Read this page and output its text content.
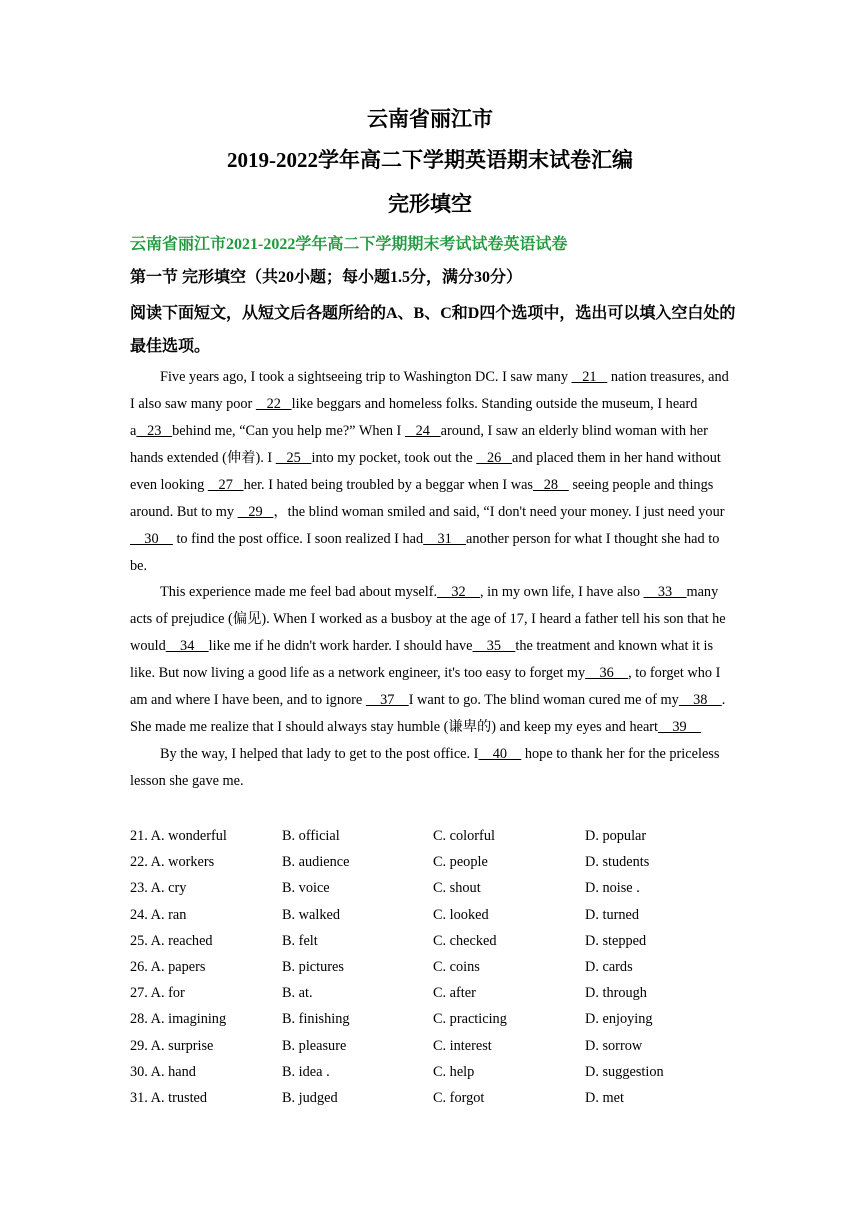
云南省丽江市
2019-2022学年高二下学期英语期末试卷汇编
完形填空
云南省丽江市2021-2022学年高二下学期期末考试试卷英语试卷
第一节 完形填空（共20小题；每小题1.5分，满分30分）
阅读下面短文，从短文后各题所给的A、B、C和D四个选项中，选出可以填入空白处的最佳选项。

Five years ago, I took a sightseeing trip to Washington DC. I saw many    21    nation treasures, and I also saw many poor    22   like beggars and homeless folks. Standing outside the museum, I heard a   23   behind me, “Can you help me?” When I    24   around, I saw an elderly blind woman with her hands extended (伸着). I    25   into my pocket, took out the    26   and placed them in her hand without even looking    27   her. I hated being troubled by a beggar when I was   28    seeing people and things around. But to my    29   ，the blind woman smiled and said, “I don't need your money. I just need your     30     to find the post office. I soon realized I had    31    another person for what I thought she had to be.

This experience made me feel bad about myself.    32    , in my own life, I have also     33    many acts of prejudice (偏见). When I worked as a busboy at the age of 17, I heard a father tell his son that he would    34    like me if he didn't work harder. I should have    35    the treatment and known what it is like. But now living a good life as a network engineer, it's too easy to forget my    36    , to forget who I am and where I have been, and to ignore     37    I want to go. The blind woman cured me of my    38    . She made me realize that I should always stay humble (谦卑的) and keep my eyes and heart    39

By the way, I helped that lady to get to the post office. I    40     hope to thank her for the priceless lesson she gave me.

21. A. wonderful	B. official	C. colorful	D. popular
22. A. workers	B. audience	C. people	D. students
23. A. cry	B. voice	C. shout	D. noise .
24. A. ran	B. walked	C. looked	D. turned
25. A. reached	B. felt	C. checked	D. stepped
26. A. papers	B. pictures	C. coins	D. cards
27. A. for	B. at.	C. after	D. through
28. A. imagining	B. finishing	C. practicing	D. enjoying
29. A. surprise	B. pleasure	C. interest	D. sorrow
30. A. hand	B. idea .	C. help	D. suggestion
31. A. trusted	B. judged	C. forgot	D. met
